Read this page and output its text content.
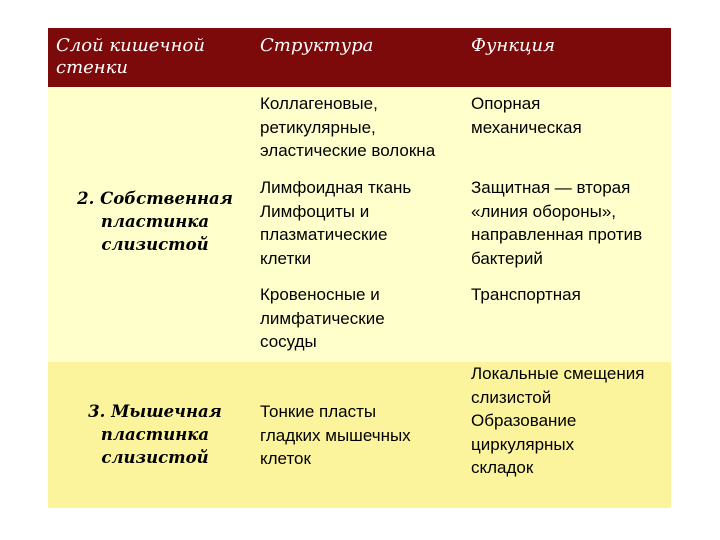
Слой кишечной
стенки
Структура	Функция
2. Собственная
пластинка
слизистой
Коллагеновые,
ретикулярные,
эластические волокна
Опорная
механическая
Лимфоидная ткань
Лимфоциты и
плазматические
клетки
Защитная — вторая
«линия обороны»,
направленная против
бактерий
Кровеносные и
лимфатические
сосуды
Транспортная
3. Мышечная
пластинка
слизистой
Тонкие пласты
гладких мышечных
клеток
Локальные смещения
слизистой
Образование
циркулярных
складок
